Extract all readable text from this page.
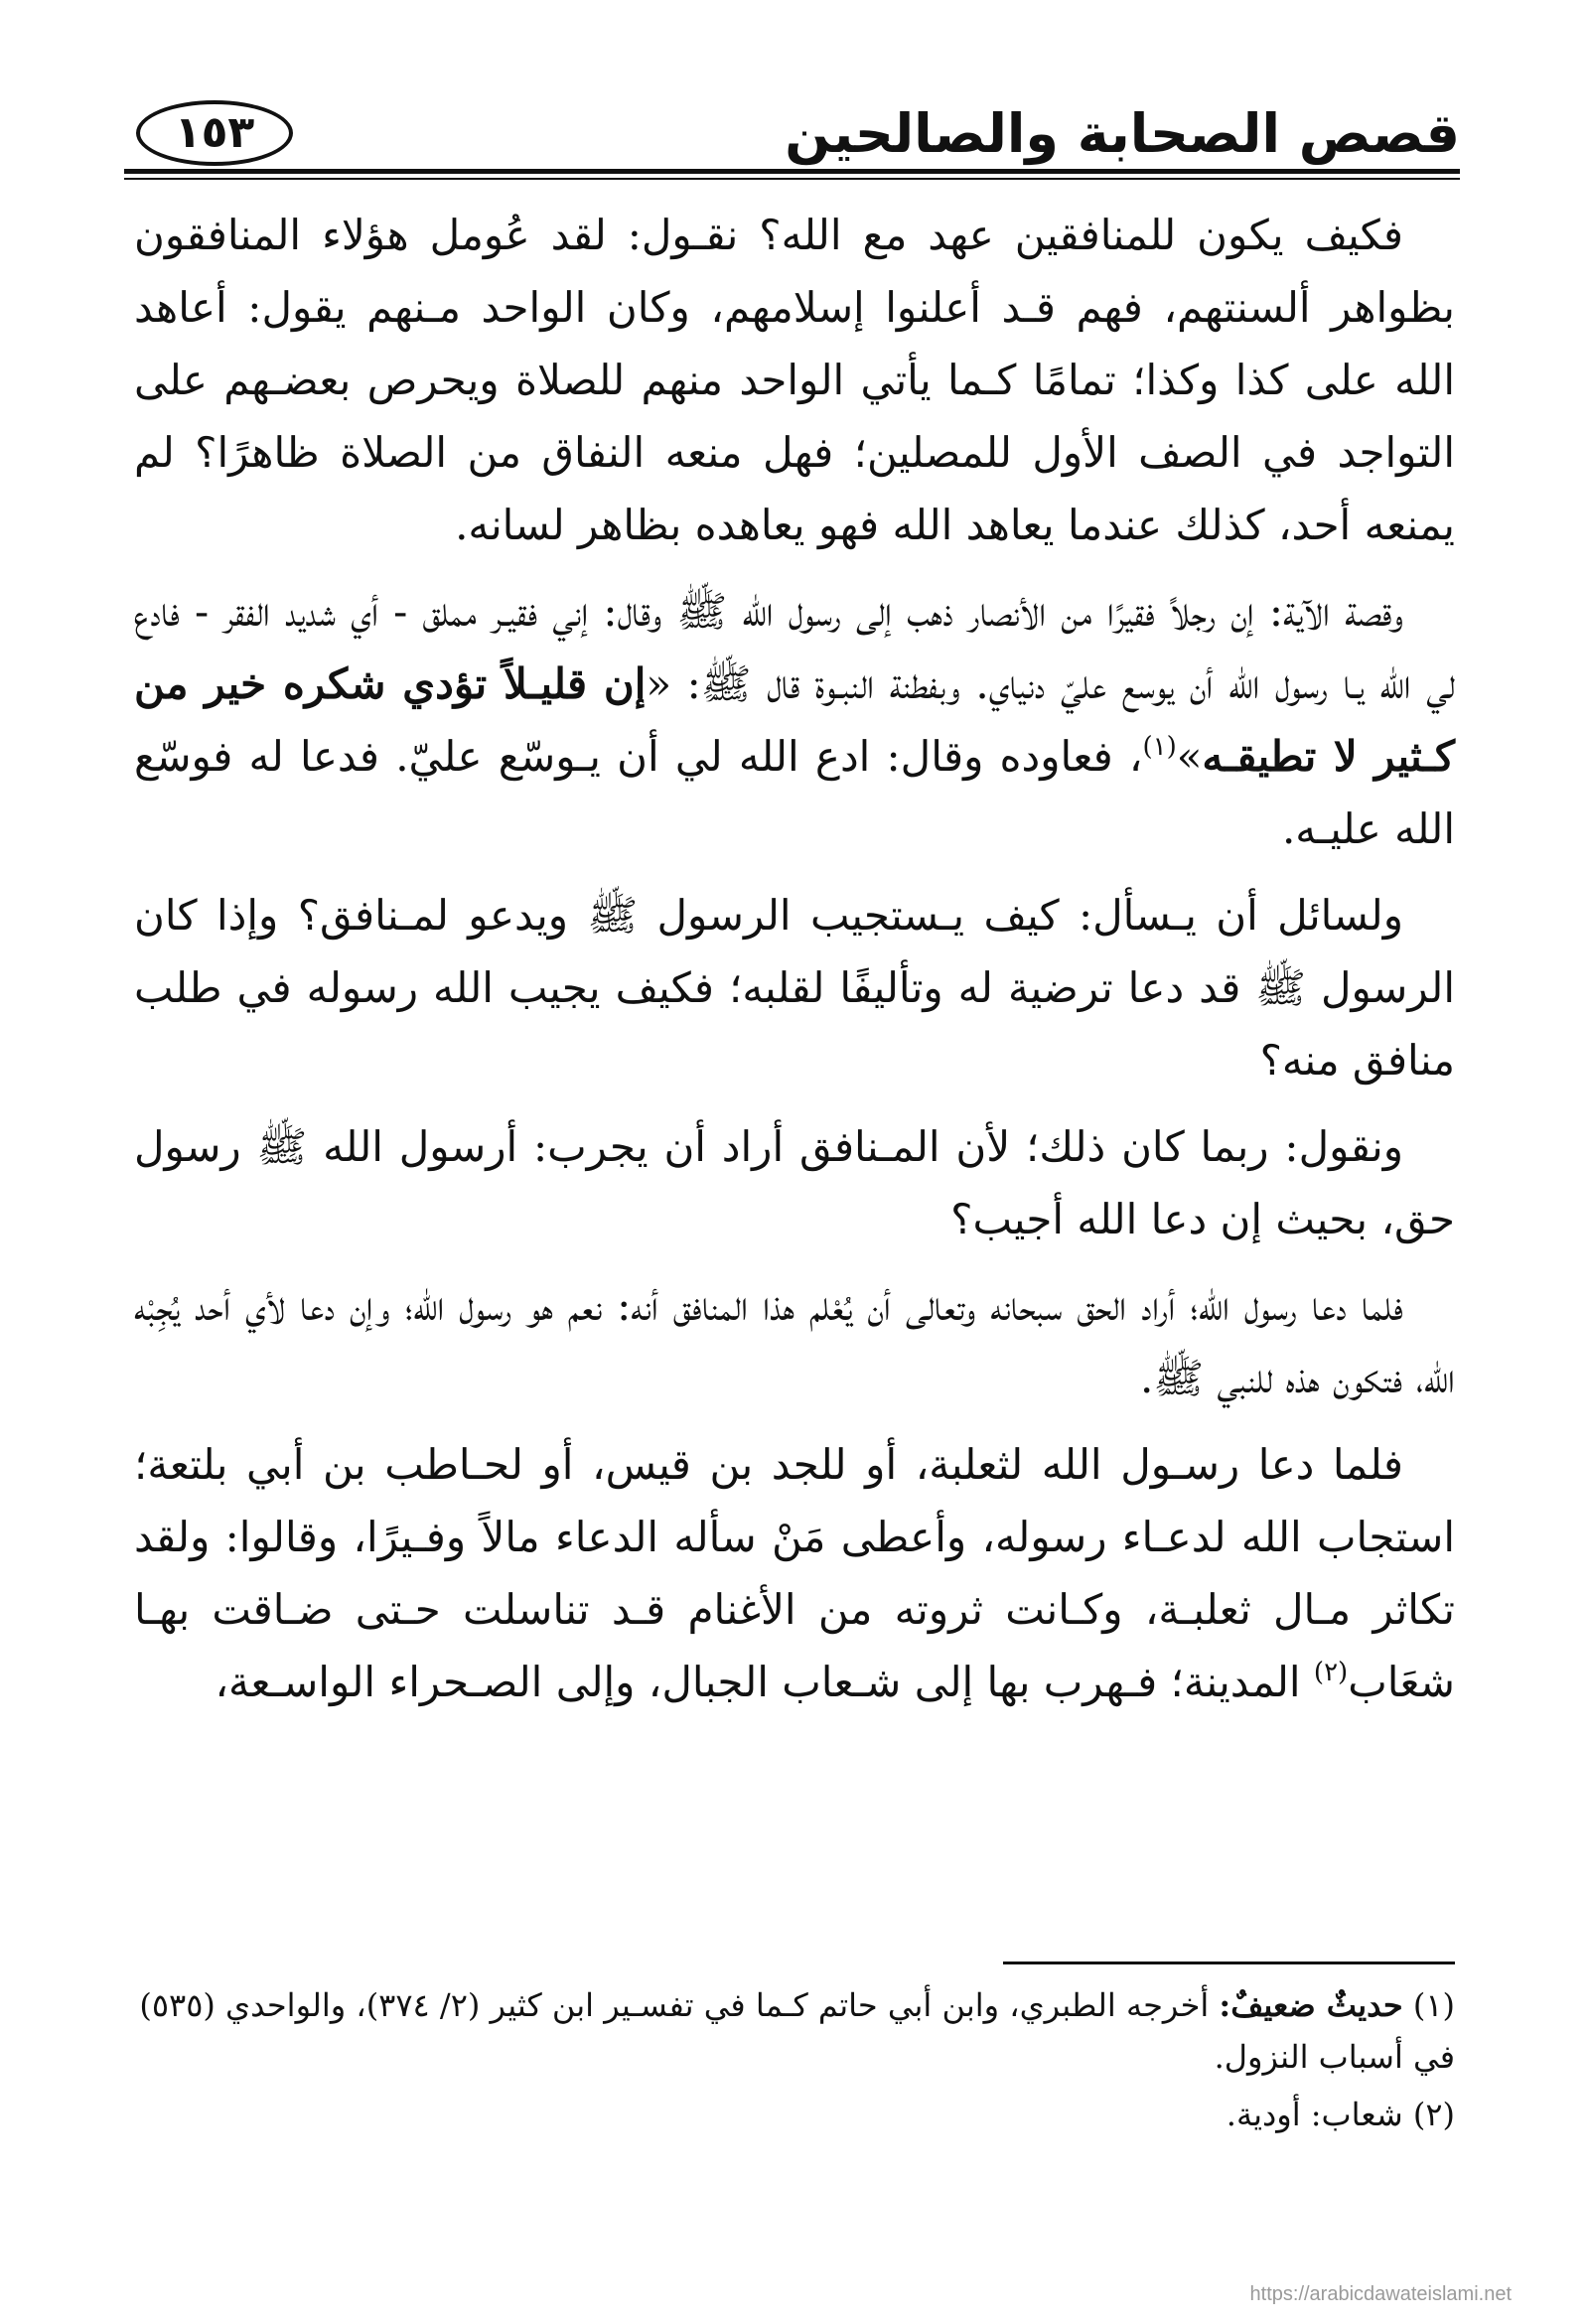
قصص الصحابة والصالحين
١٥٣

فكيف يكون للمنافقين عهد مع الله؟ نقـول: لقد عُومل هؤلاء المنافقون بظواهر ألسنتهم، فهم قـد أعلنوا إسلامهم، وكان الواحد مـنهم يقول: أعاهد الله على كذا وكذا؛ تمامًا كـما يأتي الواحد منهم للصلاة ويحرص بعضـهم على التواجد في الصف الأول للمصلين؛ فهل منعه النفاق من الصلاة ظاهرًا؟ لم يمنعه أحد، كذلك عندما يعاهد الله فهو يعاهده بظاهر لسانه.

وقصة الآية: إن رجلاً فقيرًا من الأنصار ذهب إلى رسول الله ﷺ وقال: إني فقيـر مملق - أي شديد الفقر - فادع لي الله يـا رسول الله أن يوسع عليّ دنياي. وبفطنة النبـوة قال ﷺ: «إن قليـلاً تؤدي شكره خير من كـثير لا تطيقـه»$^{(١)}$، فعاوده وقال: ادع الله لي أن يـوسّع عليّ. فدعا له فوسّع الله عليـه.

ولسائل أن يـسأل: كيف يـستجيب الرسول ﷺ ويدعو لمـنافق؟ وإذا كان الرسول ﷺ قد دعا ترضية له وتأليفًا لقلبه؛ فكيف يجيب الله رسوله في طلب منافق منه؟

ونقول: ربما كان ذلك؛ لأن المـنافق أراد أن يجرب: أرسول الله ﷺ رسول حق، بحيث إن دعا الله أجيب؟

فلما دعا رسول الله؛ أراد الحق سبحانه وتعالى أن يُعْلم هذا المنافق أنه: نعم هو رسول الله؛ وإن دعا لأي أحد يُجِبْه الله، فتكون هذه للنبي ﷺ.

فلما دعا رسـول الله لثعلبة، أو للجد بن قيس، أو لحـاطب بن أبي بلتعة؛ استجاب الله لدعـاء رسوله، وأعطى مَنْ سأله الدعاء مالاً وفـيرًا، وقالوا: ولقد تكاثر مـال ثعلبـة، وكـانت ثروته من الأغنام قـد تناسلت حـتى ضـاقت بهـا شعَاب$^{(٢)}$ المدينة؛ فـهرب بها إلى شـعاب الجبال، وإلى الصـحراء الواسـعة،

(١) حديثٌ ضعيفٌ: أخرجه الطبري، وابن أبي حاتم كـما في تفسـير ابن كثير (٢/ ٣٧٤)، والواحدي (٥٣٥) في أسباب النزول.

(٢) شعاب: أودية.

https://arabicdawateislami.net
